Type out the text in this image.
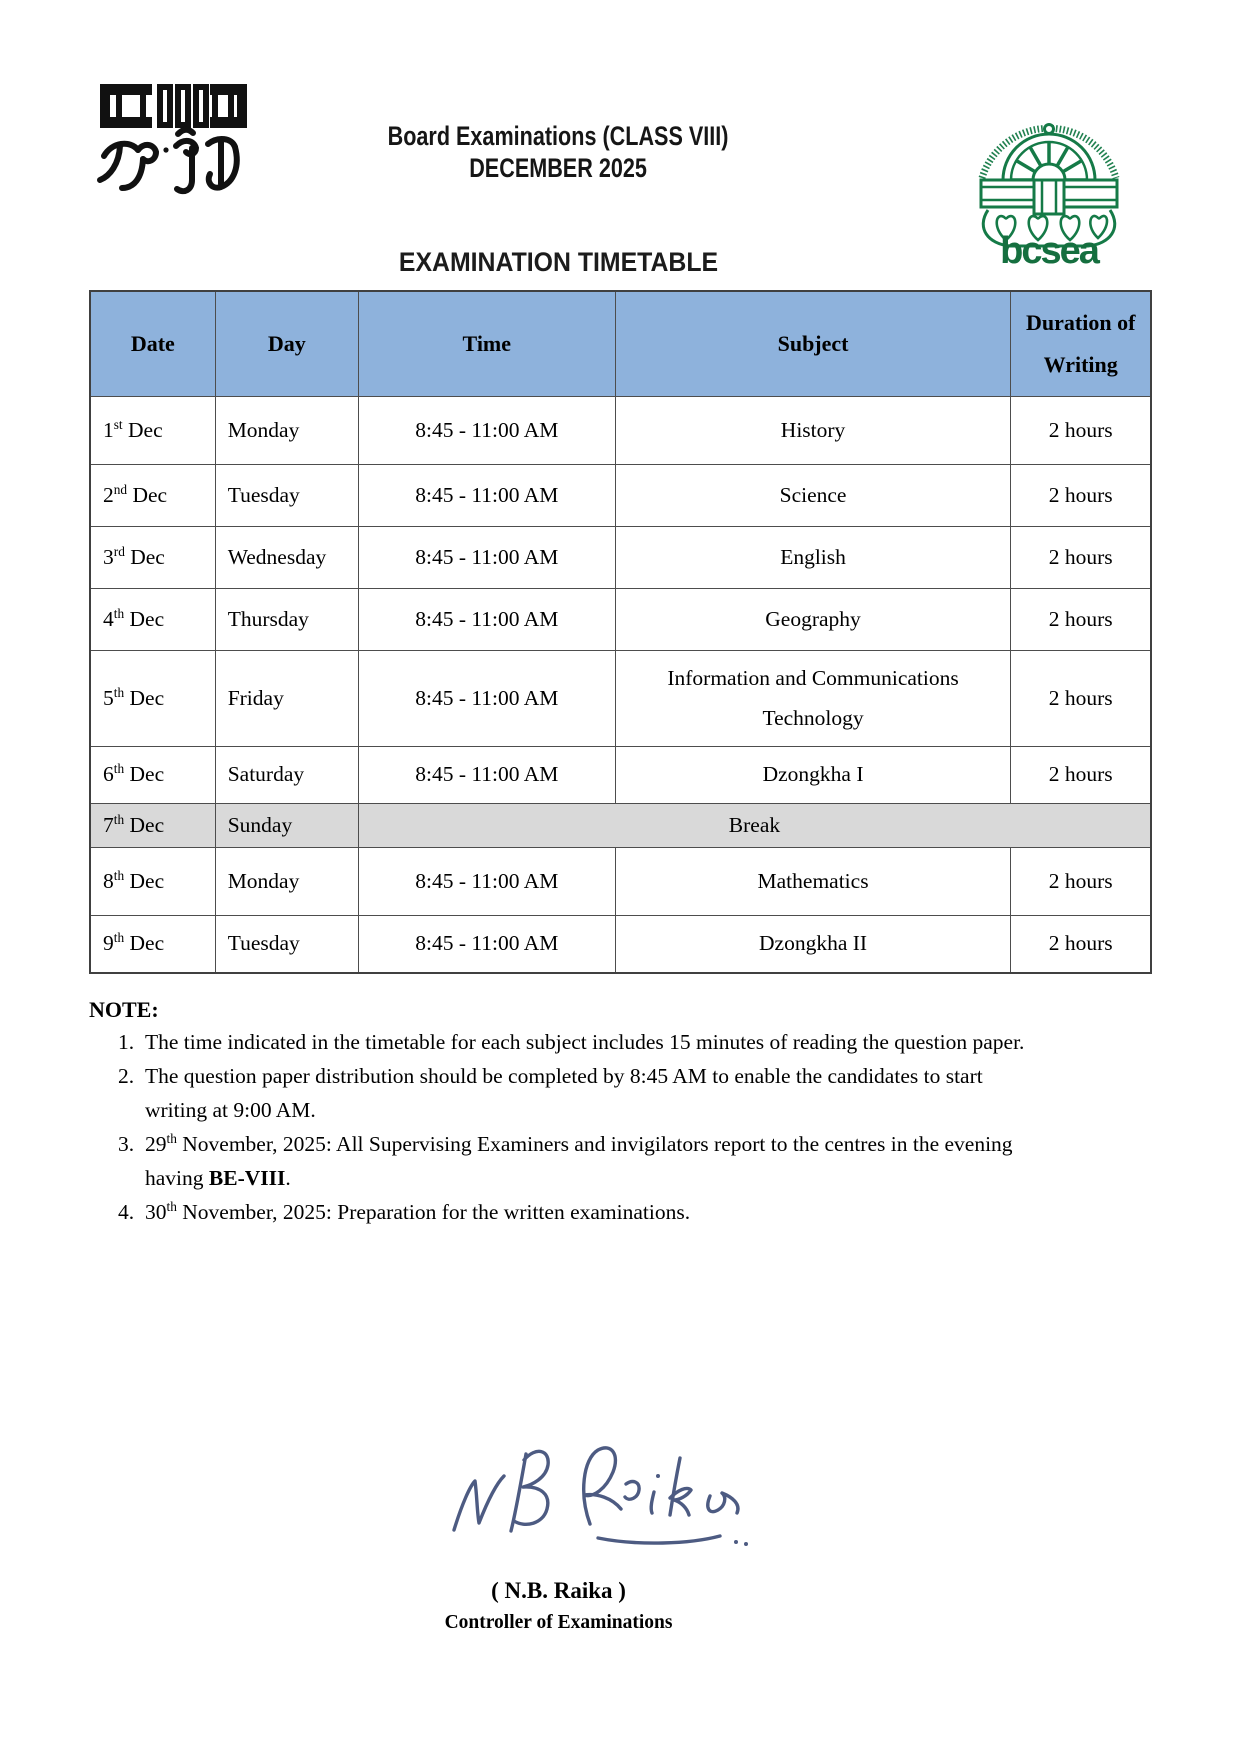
Board Examinations (CLASS VIII)
DECEMBER 2025
bcsea
EXAMINATION TIMETABLE
Date	Day	Time	Subject	Duration of Writing
1st Dec	Monday	8:45 - 11:00 AM	History	2 hours
2nd Dec	Tuesday	8:45 - 11:00 AM	Science	2 hours
3rd Dec	Wednesday	8:45 - 11:00 AM	English	2 hours
4th Dec	Thursday	8:45 - 11:00 AM	Geography	2 hours
5th Dec	Friday	8:45 - 11:00 AM	Information and Communications Technology	2 hours
6th Dec	Saturday	8:45 - 11:00 AM	Dzongkha I	2 hours
7th Dec	Sunday	Break		
8th Dec	Monday	8:45 - 11:00 AM	Mathematics	2 hours
9th Dec	Tuesday	8:45 - 11:00 AM	Dzongkha II	2 hours
NOTE:
1. The time indicated in the timetable for each subject includes 15 minutes of reading the question paper.
2. The question paper distribution should be completed by 8:45 AM to enable the candidates to start writing at 9:00 AM.
3. 29th November, 2025: All Supervising Examiners and invigilators report to the centres in the evening having BE-VIII.
4. 30th November, 2025: Preparation for the written examinations.
( N.B. Raika )
Controller of Examinations
